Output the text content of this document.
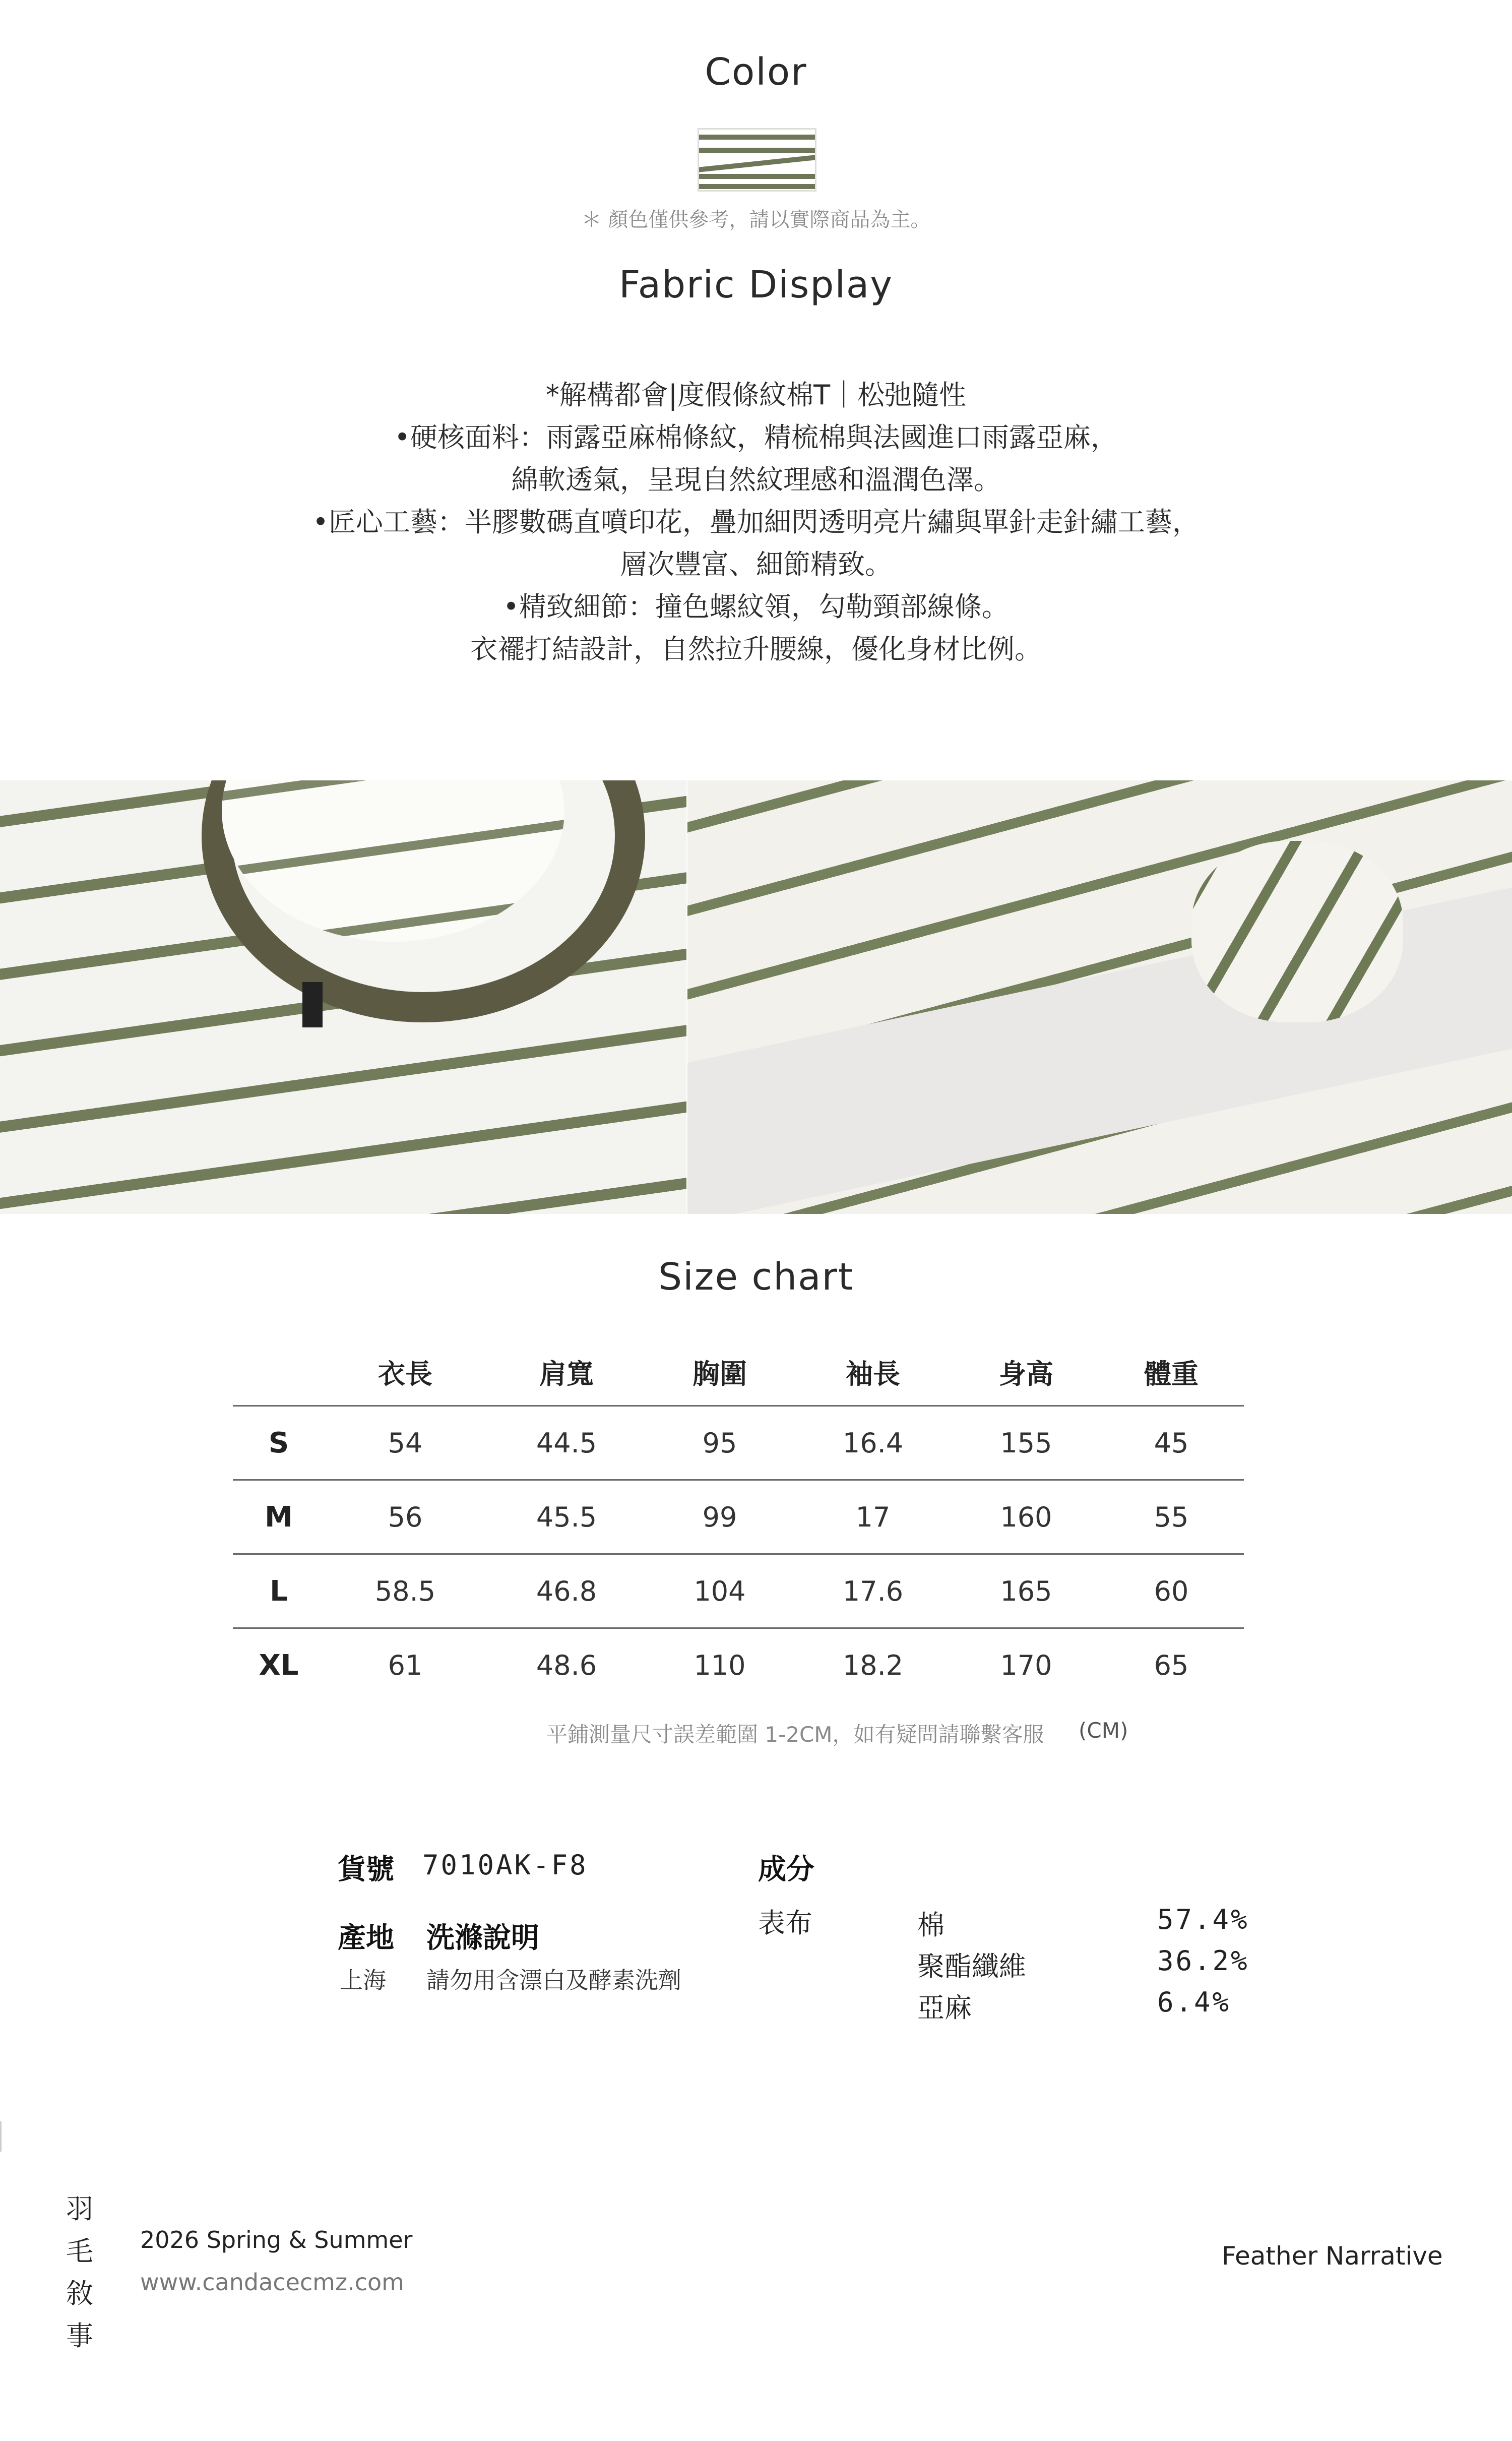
Color
＊ 顏色僅供參考，請以實際商品為主。
Fabric Display
*解構都會|度假條紋棉T｜松弛隨性
•硬核面料：雨露亞麻棉條紋，精梳棉與法國進口雨露亞麻，
綿軟透氣，呈現自然紋理感和溫潤色澤。
•匠心工藝：半膠數碼直噴印花，疊加細閃透明亮片繡與單針走針繡工藝，
層次豐富、細節精致。
•精致細節：撞色螺紋領，勾勒頸部線條。
衣襬打結設計，自然拉升腰線，優化身材比例。
Size chart
	衣長	肩寬	胸圍	袖長	身高	體重
S	54	44.5	95	16.4	155	45
M	56	45.5	99	17	160	55
L	58.5	46.8	104	17.6	165	60
XL	61	48.6	110	18.2	170	65
平鋪測量尺寸誤差範圍 1-2CM，如有疑問請聯繫客服 (CM)
貨號 7010AK-F8
產地 洗滌說明
上海 請勿用含漂白及酵素洗劑
成分
表布	棉	57.4%
聚酯纖維	36.2%
亞麻	6.4%
羽
毛
敘
事
2026 Spring & Summer
www.candacecmz.com
Feather Narrative
